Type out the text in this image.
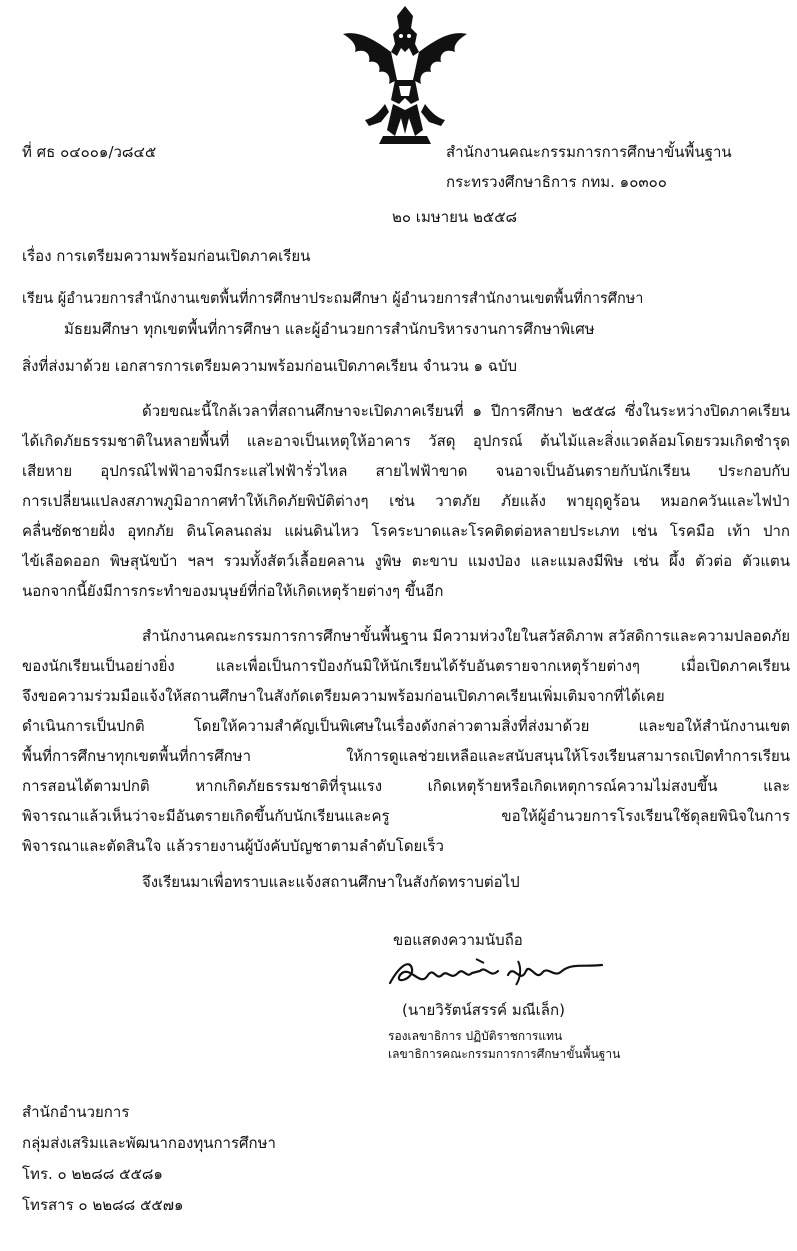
ที่ ศธ ๐๔๐๐๑/ว๘๔๕	สำนักงานคณะกรรมการการศึกษาขั้นพื้นฐาน
กระทรวงศึกษาธิการ กทม. ๑๐๓๐๐
๒๐ เมษายน ๒๕๕๘
เรื่อง การเตรียมความพร้อมก่อนเปิดภาคเรียน
เรียน ผู้อำนวยการสำนักงานเขตพื้นที่การศึกษาประถมศึกษา ผู้อำนวยการสำนักงานเขตพื้นที่การศึกษา
มัธยมศึกษา ทุกเขตพื้นที่การศึกษา และผู้อำนวยการสำนักบริหารงานการศึกษาพิเศษ
สิ่งที่ส่งมาด้วย เอกสารการเตรียมความพร้อมก่อนเปิดภาคเรียน จำนวน ๑ ฉบับ
ด้วยขณะนี้ใกล้เวลาที่สถานศึกษาจะเปิดภาคเรียนที่ ๑ ปีการศึกษา ๒๕๕๘ ซึ่งในระหว่างปิดภาคเรียน
ได้เกิดภัยธรรมชาติในหลายพื้นที่ และอาจเป็นเหตุให้อาคาร วัสดุ อุปกรณ์ ต้นไม้และสิ่งแวดล้อมโดยรวมเกิดชำรุด
เสียหาย อุปกรณ์ไฟฟ้าอาจมีกระแสไฟฟ้ารั่วไหล สายไฟฟ้าขาด จนอาจเป็นอันตรายกับนักเรียน ประกอบกับ
การเปลี่ยนแปลงสภาพภูมิอากาศทำให้เกิดภัยพิบัติต่างๆ เช่น วาตภัย ภัยแล้ง พายุฤดูร้อน หมอกควันและไฟป่า
คลื่นซัดชายฝั่ง อุทกภัย ดินโคลนถล่ม แผ่นดินไหว โรคระบาดและโรคติดต่อหลายประเภท เช่น โรคมือ เท้า ปาก
ไข้เลือดออก พิษสุนัขบ้า ฯลฯ รวมทั้งสัตว์เลื้อยคลาน งูพิษ ตะขาบ แมงป่อง และแมลงมีพิษ เช่น ผึ้ง ตัวต่อ ตัวแตน
นอกจากนี้ยังมีการกระทำของมนุษย์ที่ก่อให้เกิดเหตุร้ายต่างๆ ขึ้นอีก
สำนักงานคณะกรรมการการศึกษาขั้นพื้นฐาน มีความห่วงใยในสวัสดิภาพ สวัสดิการและความปลอดภัย
ของนักเรียนเป็นอย่างยิ่ง และเพื่อเป็นการป้องกันมิให้นักเรียนได้รับอันตรายจากเหตุร้ายต่างๆ เมื่อเปิดภาคเรียน
จึงขอความร่วมมือแจ้งให้สถานศึกษาในสังกัดเตรียมความพร้อมก่อนเปิดภาคเรียนเพิ่มเติมจากที่ได้เคย
ดำเนินการเป็นปกติ โดยให้ความสำคัญเป็นพิเศษในเรื่องดังกล่าวตามสิ่งที่ส่งมาด้วย และขอให้สำนักงานเขต
พื้นที่การศึกษาทุกเขตพื้นที่การศึกษา ให้การดูแลช่วยเหลือและสนับสนุนให้โรงเรียนสามารถเปิดทำการเรียน
การสอนได้ตามปกติ หากเกิดภัยธรรมชาติที่รุนแรง เกิดเหตุร้ายหรือเกิดเหตุการณ์ความไม่สงบขึ้น และ
พิจารณาแล้วเห็นว่าจะมีอันตรายเกิดขึ้นกับนักเรียนและครู ขอให้ผู้อำนวยการโรงเรียนใช้ดุลยพินิจในการ
พิจารณาและตัดสินใจ แล้วรายงานผู้บังคับบัญชาตามลำดับโดยเร็ว
จึงเรียนมาเพื่อทราบและแจ้งสถานศึกษาในสังกัดทราบต่อไป
ขอแสดงความนับถือ
(นายวิรัตน์สรรค์ มณีเล็ก)
รองเลขาธิการ ปฏิบัติราชการแทน
เลขาธิการคณะกรรมการการศึกษาขั้นพื้นฐาน
สำนักอำนวยการ
กลุ่มส่งเสริมและพัฒนากองทุนการศึกษา
โทร. ๐ ๒๒๘๘ ๕๕๘๑
โทรสาร ๐ ๒๒๘๘ ๕๕๗๑
